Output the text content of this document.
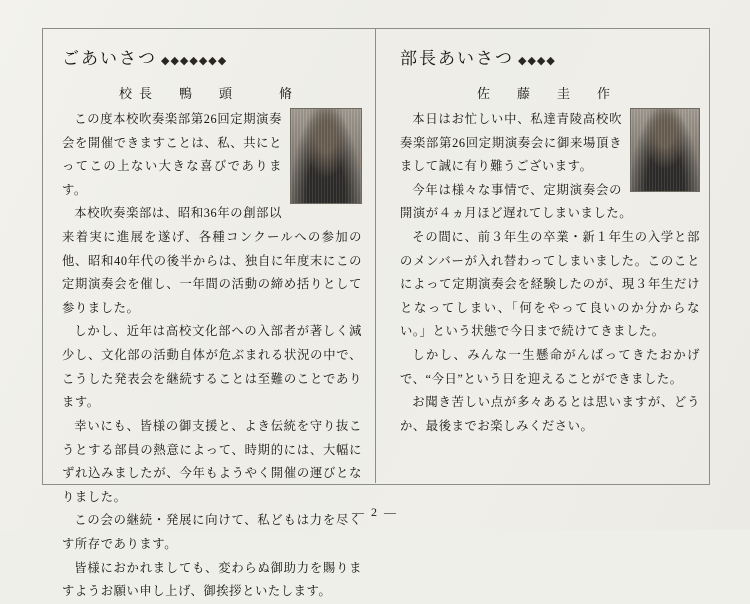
ごあいさつ ◆◆◆◆◆◆◆
校長　鴨　頭　　脩

この度本校吹奏楽部第26回定期演奏会を開催できますことは、私、共にとってこの上ない大きな喜びであります。

本校吹奏楽部は、昭和36年の創部以来着実に進展を遂げ、各種コンクールへの参加の他、昭和40年代の後半からは、独自に年度末にこの定期演奏会を催し、一年間の活動の締め括りとして参りました。

しかし、近年は高校文化部への入部者が著しく減少し、文化部の活動自体が危ぶまれる状況の中で、こうした発表会を継続することは至難のことであります。

幸いにも、皆様の御支援と、よき伝統を守り抜こうとする部員の熱意によって、時期的には、大幅にずれ込みましたが、今年もようやく開催の運びとなりました。

この会の継続・発展に向けて、私どもは力を尽くす所存であります。

皆様におかれましても、変わらぬ御助力を賜りますようお願い申し上げ、御挨拶といたします。

部長あいさつ ◆◆◆◆
佐　藤　圭　作

本日はお忙しい中、私達青陵高校吹奏楽部第26回定期演奏会に御来場頂きまして誠に有り難うございます。

今年は様々な事情で、定期演奏会の開演が４ヵ月ほど遅れてしまいました。

その間に、前３年生の卒業・新１年生の入学と部のメンバーが入れ替わってしまいました。このことによって定期演奏会を経験したのが、現３年生だけとなってしまい、「何をやって良いのか分からない。」という状態で今日まで続けてきました。

しかし、みんな一生懸命がんばってきたおかげで、“今日”という日を迎えることができました。

お聞き苦しい点が多々あるとは思いますが、どうか、最後までお楽しみください。

— 2 —
